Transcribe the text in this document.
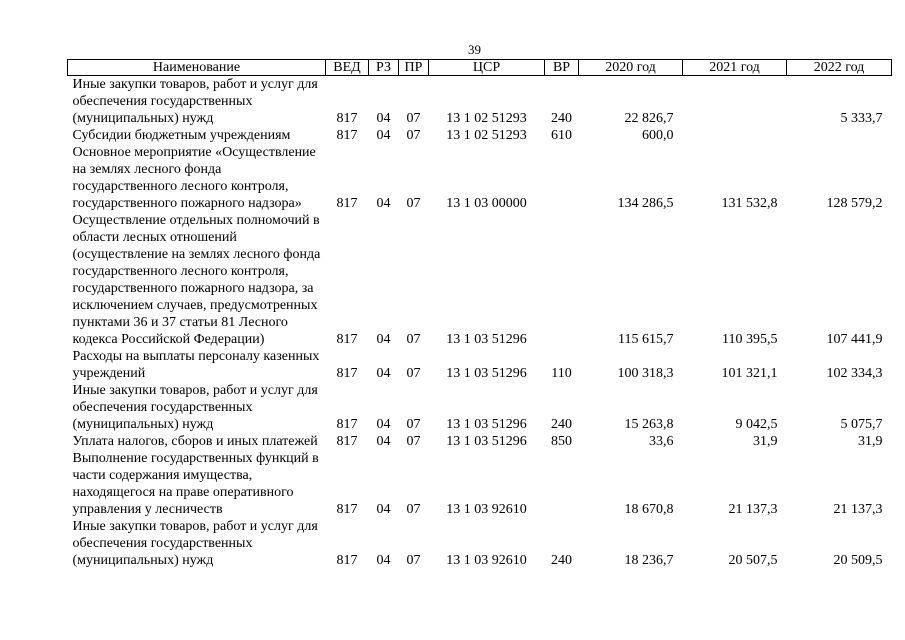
39
Наименование	ВЕД	РЗ	ПР	ЦСР	ВР	2020 год	2021 год	2022 год
Иные закупки товаров, работ и услуг для обеспечения государственных (муниципальных) нужд	817	04	07	13 1 02 51293	240	22 826,7		5 333,7
Субсидии бюджетным учреждениям	817	04	07	13 1 02 51293	610	600,0		
Основное мероприятие «Осуществление на землях лесного фонда государственного лесного контроля, государственного пожарного надзора»	817	04	07	13 1 03 00000		134 286,5	131 532,8	128 579,2
Осуществление отдельных полномочий в области лесных отношений (осуществление на землях лесного фонда государственного лесного контроля, государственного пожарного надзора, за исключением случаев, предусмотренных пунктами 36 и 37 статьи 81 Лесного кодекса Российской Федерации)	817	04	07	13 1 03 51296		115 615,7	110 395,5	107 441,9
Расходы на выплаты персоналу казенных учреждений	817	04	07	13 1 03 51296	110	100 318,3	101 321,1	102 334,3
Иные закупки товаров, работ и услуг для обеспечения государственных (муниципальных) нужд	817	04	07	13 1 03 51296	240	15 263,8	9 042,5	5 075,7
Уплата налогов, сборов и иных платежей	817	04	07	13 1 03 51296	850	33,6	31,9	31,9
Выполнение государственных функций в части содержания имущества, находящегося на праве оперативного управления у лесничеств	817	04	07	13 1 03 92610		18 670,8	21 137,3	21 137,3
Иные закупки товаров, работ и услуг для обеспечения государственных (муниципальных) нужд	817	04	07	13 1 03 92610	240	18 236,7	20 507,5	20 509,5
